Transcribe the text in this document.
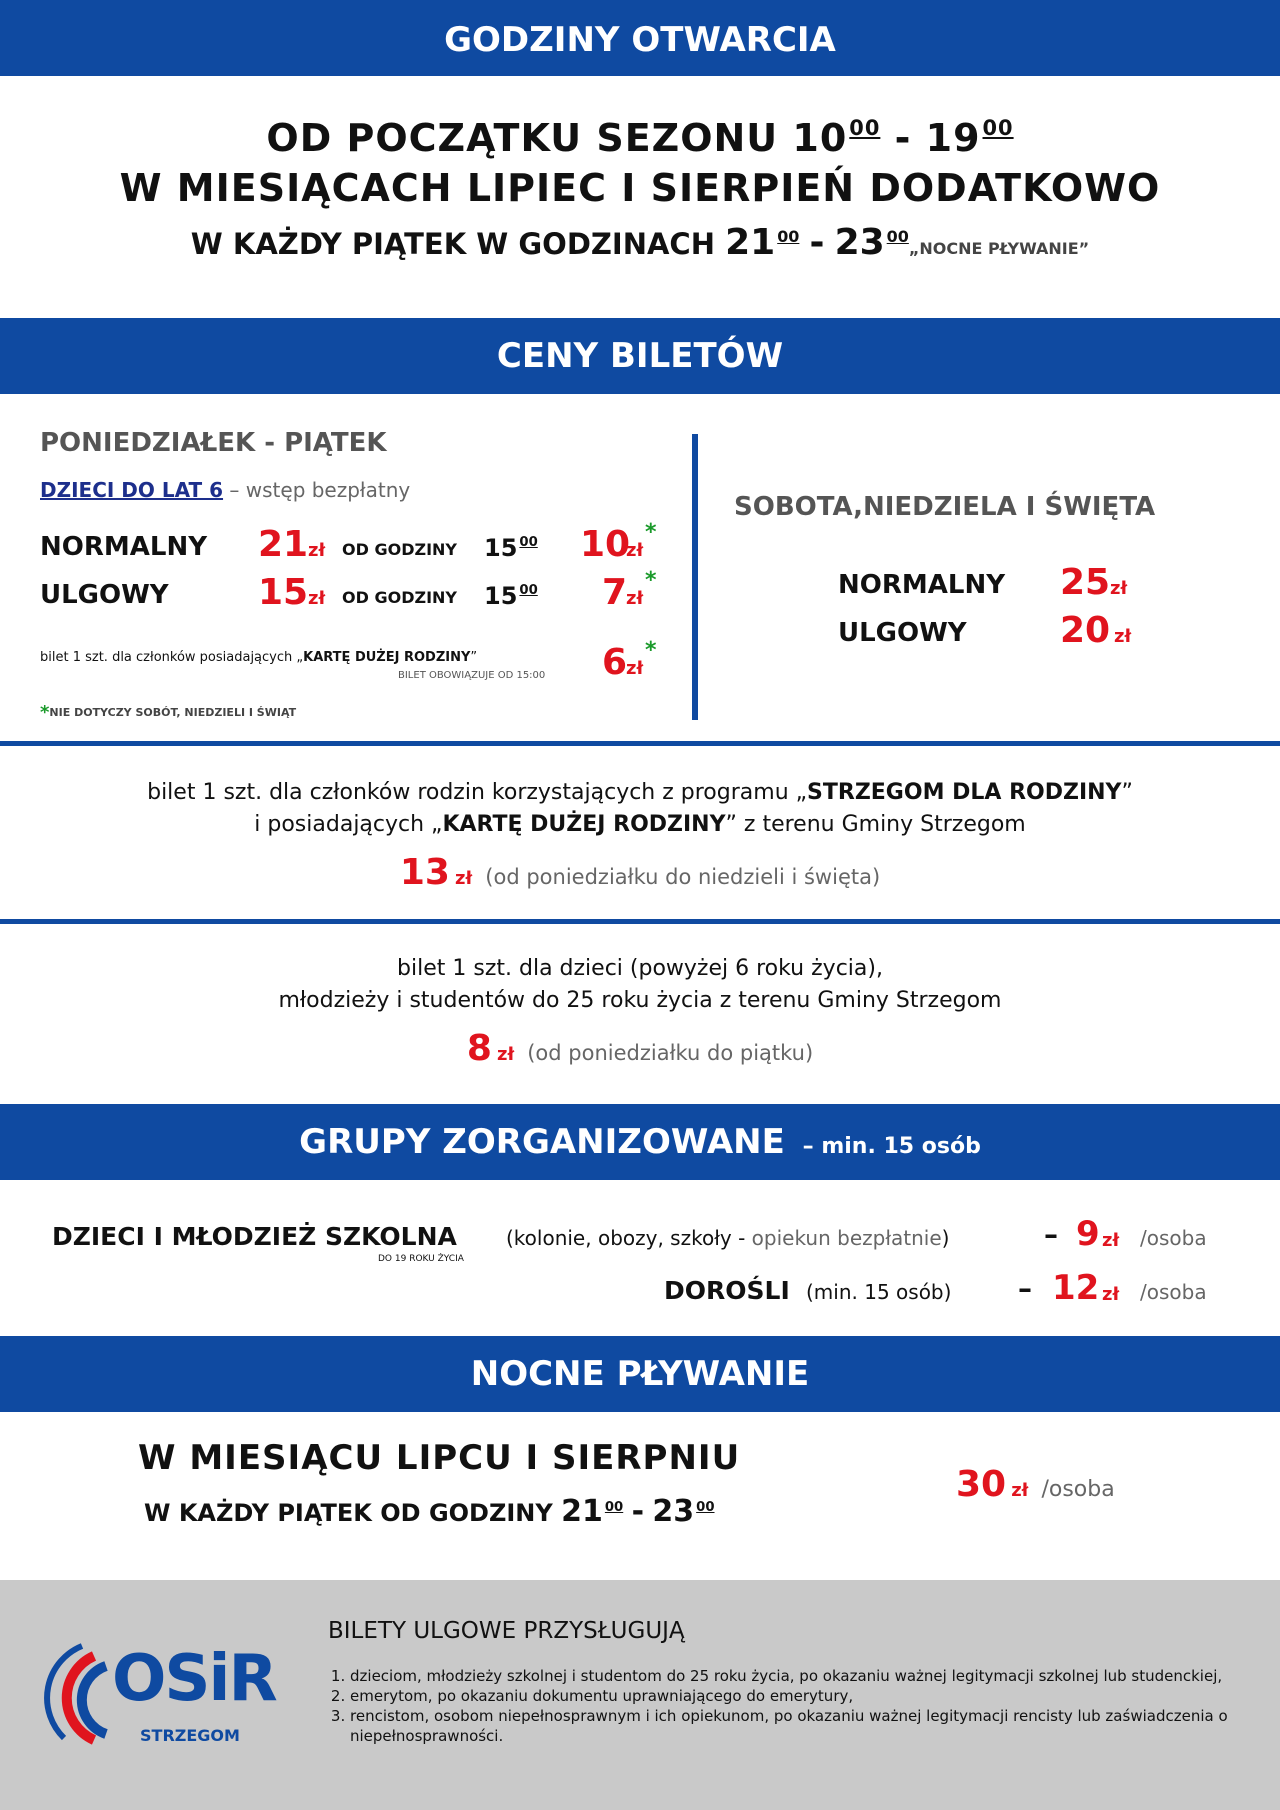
GODZINY OTWARCIA
OD POCZĄTKU SEZONU $10^{00} - 19^{00}$
W MIESIĄCACH LIPIEC I SIERPIEŃ DODATKOWO
W KAŻDY PIĄTEK W GODZINACH 21 $^{00}$ - 23 $^{00}$„NOCNE PŁYWANIE”
CENY BILETÓW
PONIEDZIAŁEK - PIĄTEK
DZIECI DO LAT 6 – wstęp bezpłatny
NORMALNY 21 zł OD GODZINY 15 $^{00}$ 10
zł
*
ULGOWY 15 zł OD GODZINY 15 $^{00}$ 7
zł
*
bilet 1 szt. dla członków posiadających „KARTĘ DUŻEJ RODZINY”
BILET OBOWIĄZUJE OD 15:00 6
zł
*
*NIE DOTYCZY SOBÓT, NIEDZIELI I ŚWIĄT
SOBOTA,NIEDZIELA I ŚWIĘTA
NORMALNY 25 zł
ULGOWY	20 zł
bilet 1 szt. dla członków rodzin korzystających z programu „STRZEGOM DLA RODZINY”
i posiadających „KARTĘ DUŻEJ RODZINY” z terenu Gminy Strzegom
13 zł (od poniedziałku do niedzieli i święta)
bilet 1 szt. dla dzieci (powyżej 6 roku życia),
młodzieży i studentów do 25 roku życia z terenu Gminy Strzegom
8 zł (od poniedziałku do piątku)
GRUPY ZORGANIZOWANE – min. 15 osób
DZIECI I MŁODZIEŻ SZKOLNA
DO 19 ROKU ŻYCIA
(kolonie, obozy, szkoły - opiekun bezpłatnie)	– 9 zł /osoba
DOROŚLI (min. 15 osób) – 12 zł /osoba
NOCNE PŁYWANIE
W MIESIĄCU LIPCU I SIERPNIU
W KAŻDY PIĄTEK OD GODZINY 21 $^{00}$ - 23 $^{00}$
30 zł /osoba
OSiR
STRZEGOM
BILETY ULGOWE PRZYSŁUGUJĄ
1. dzieciom, młodzieży szkolnej i studentom do 25 roku życia, po okazaniu ważnej legitymacji szkolnej lub studenckiej,
2. emerytom, po okazaniu dokumentu uprawniającego do emerytury,
3. rencistom, osobom niepełnosprawnym i ich opiekunom, po okazaniu ważnej legitymacji rencisty lub zaświadczenia o niepełnosprawności.
